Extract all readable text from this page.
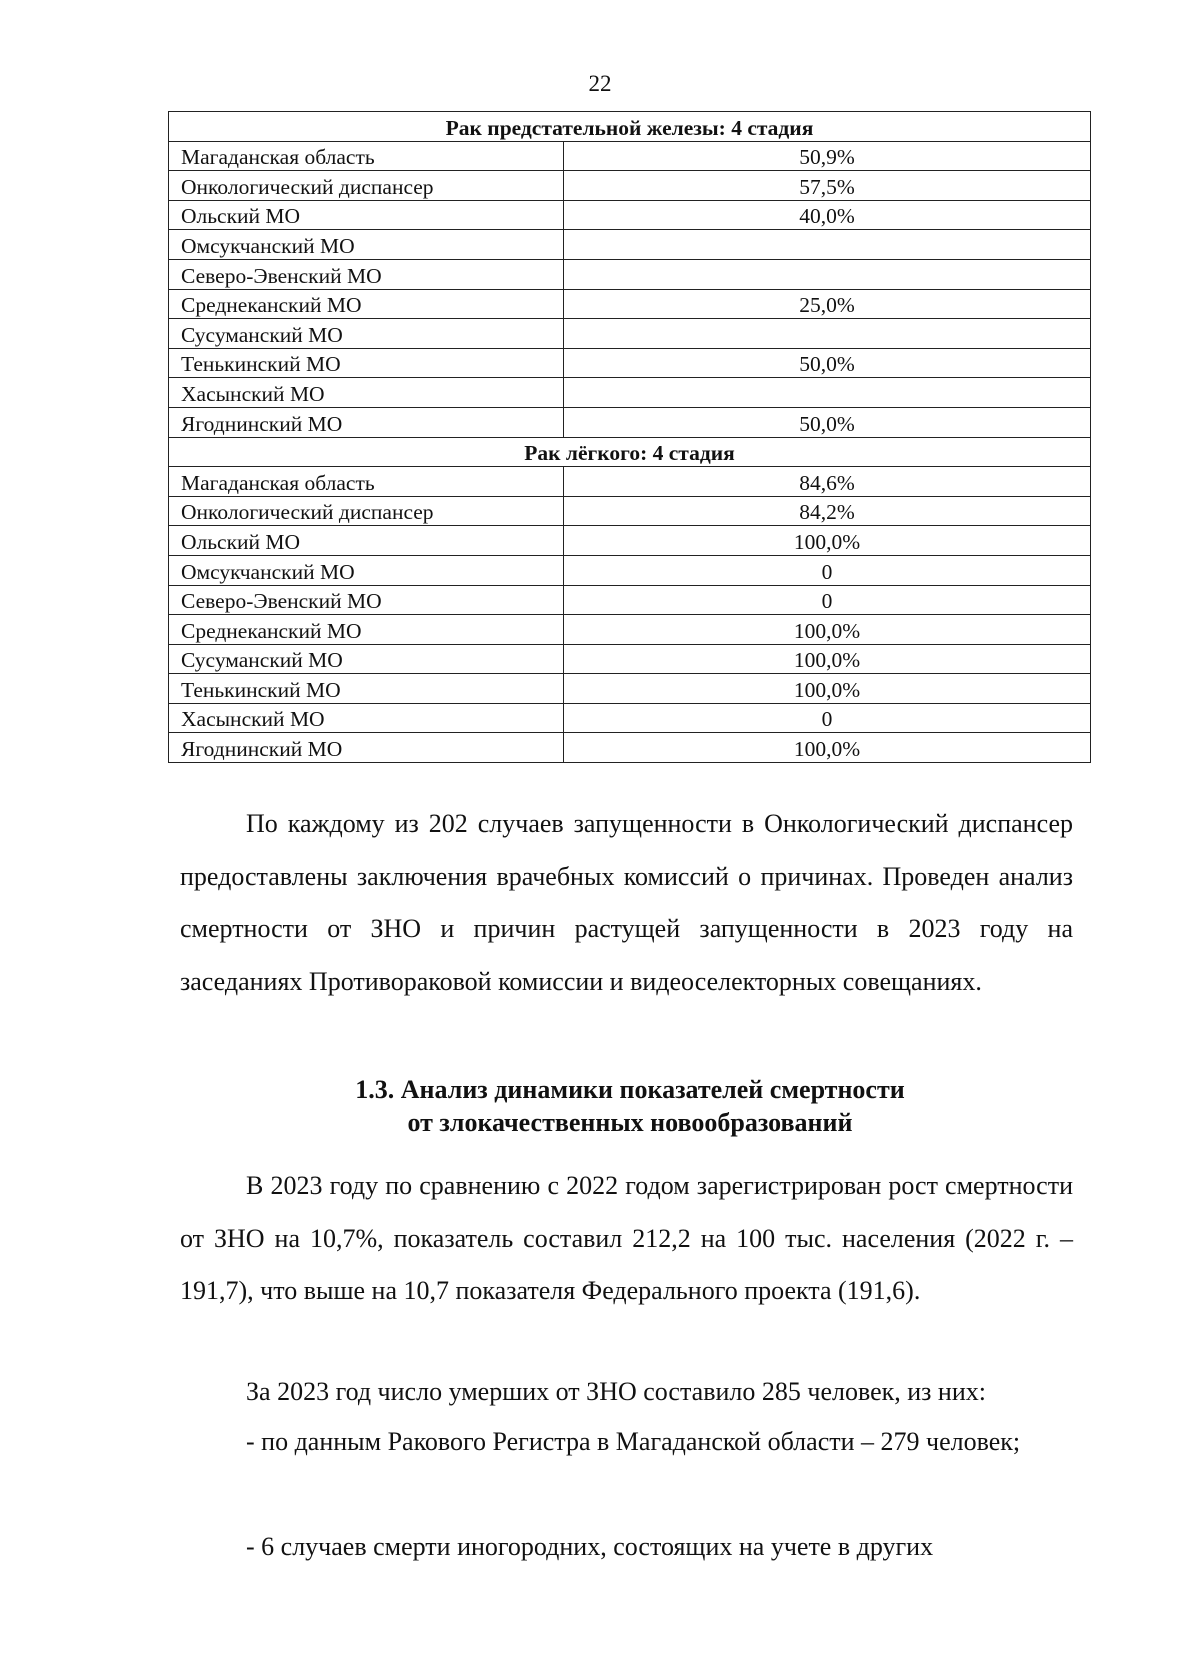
22
Рак предстательной железы: 4 стадия	
Магаданская область	50,9%
Онкологический диспансер	57,5%
Ольский МО	40,0%
Омсукчанский МО	
Северо-Эвенский МО	
Среднеканский МО	25,0%
Сусуманский МО	
Тенькинский МО	50,0%
Хасынский МО	
Ягоднинский МО	50,0%
Рак лёгкого: 4 стадия	
Магаданская область	84,6%
Онкологический диспансер	84,2%
Ольский МО	100,0%
Омсукчанский МО	0
Северо-Эвенский МО	0
Среднеканский МО	100,0%
Сусуманский МО	100,0%
Тенькинский МО	100,0%
Хасынский МО	0
Ягоднинский МО	100,0%

По каждому из 202 случаев запущенности в Онкологический диспансер предоставлены заключения врачебных комиссий о причинах. Проведен анализ смертности от ЗНО и причин растущей запущенности в 2023 году на заседаниях Противораковой комиссии и видеоселекторных совещаниях.

1.3. Анализ динамики показателей смертности
от злокачественных новообразований

В 2023 году по сравнению с 2022 годом зарегистрирован рост смертности от ЗНО на 10,7%, показатель составил 212,2 на 100 тыс. населения (2022 г. – 191,7), что выше на 10,7 показателя Федерального проекта (191,6).

За 2023 год число умерших от ЗНО составило 285 человек, из них:

- по данным Ракового Регистра в Магаданской области – 279 человек;

- 6 случаев смерти иногородних, состоящих на учете в других
